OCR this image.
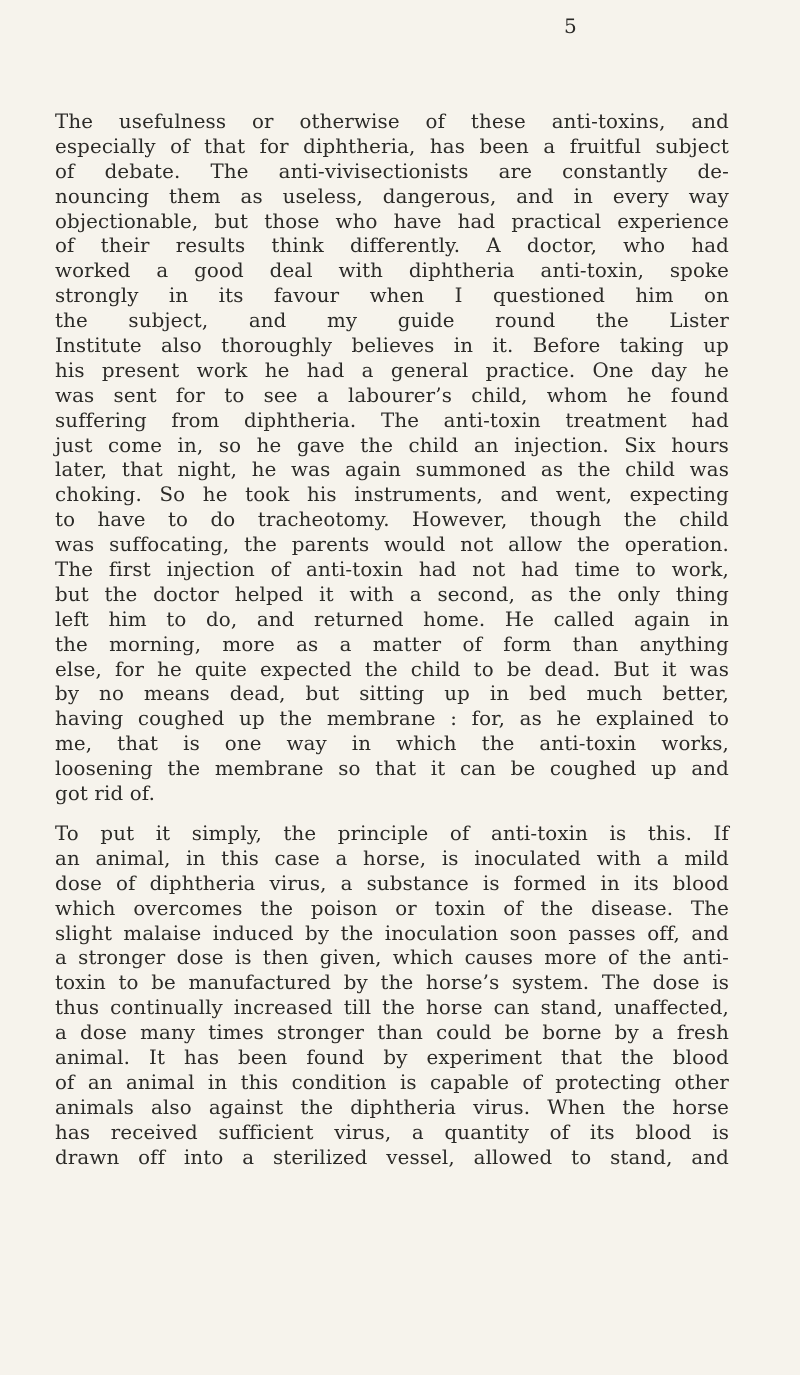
5
The usefulness or otherwise of these anti-toxins, and
especially of that for diphtheria, has been a fruitful subject
of debate. The anti-vivisectionists are constantly de-
nouncing them as useless, dangerous, and in every way
objectionable, but those who have had practical experience
of their results think differently. A doctor, who had
worked a good deal with diphtheria anti-toxin, spoke
strongly in its favour when I questioned him on
the subject, and my guide round the Lister
Institute also thoroughly believes in it. Before taking up
his present work he had a general practice. One day he
was sent for to see a labourer’s child, whom he found
suffering from diphtheria. The anti-toxin treatment had
just come in, so he gave the child an injection. Six hours
later, that night, he was again summoned as the child was
choking. So he took his instruments, and went, expecting
to have to do tracheotomy. However, though the child
was suffocating, the parents would not allow the operation.
The first injection of anti-toxin had not had time to work,
but the doctor helped it with a second, as the only thing
left him to do, and returned home. He called again in
the morning, more as a matter of form than anything
else, for he quite expected the child to be dead. But it was
by no means dead, but sitting up in bed much better,
having coughed up the membrane : for, as he explained to
me, that is one way in which the anti-toxin works,
loosening the membrane so that it can be coughed up and
got rid of.
To put it simply, the principle of anti-toxin is this. If
an animal, in this case a horse, is inoculated with a mild
dose of diphtheria virus, a substance is formed in its blood
which overcomes the poison or toxin of the disease. The
slight malaise induced by the inoculation soon passes off, and
a stronger dose is then given, which causes more of the anti-
toxin to be manufactured by the horse’s system. The dose is
thus continually increased till the horse can stand, unaffected,
a dose many times stronger than could be borne by a fresh
animal. It has been found by experiment that the blood
of an animal in this condition is capable of protecting other
animals also against the diphtheria virus. When the horse
has received sufficient virus, a quantity of its blood is
drawn off into a sterilized vessel, allowed to stand, and
